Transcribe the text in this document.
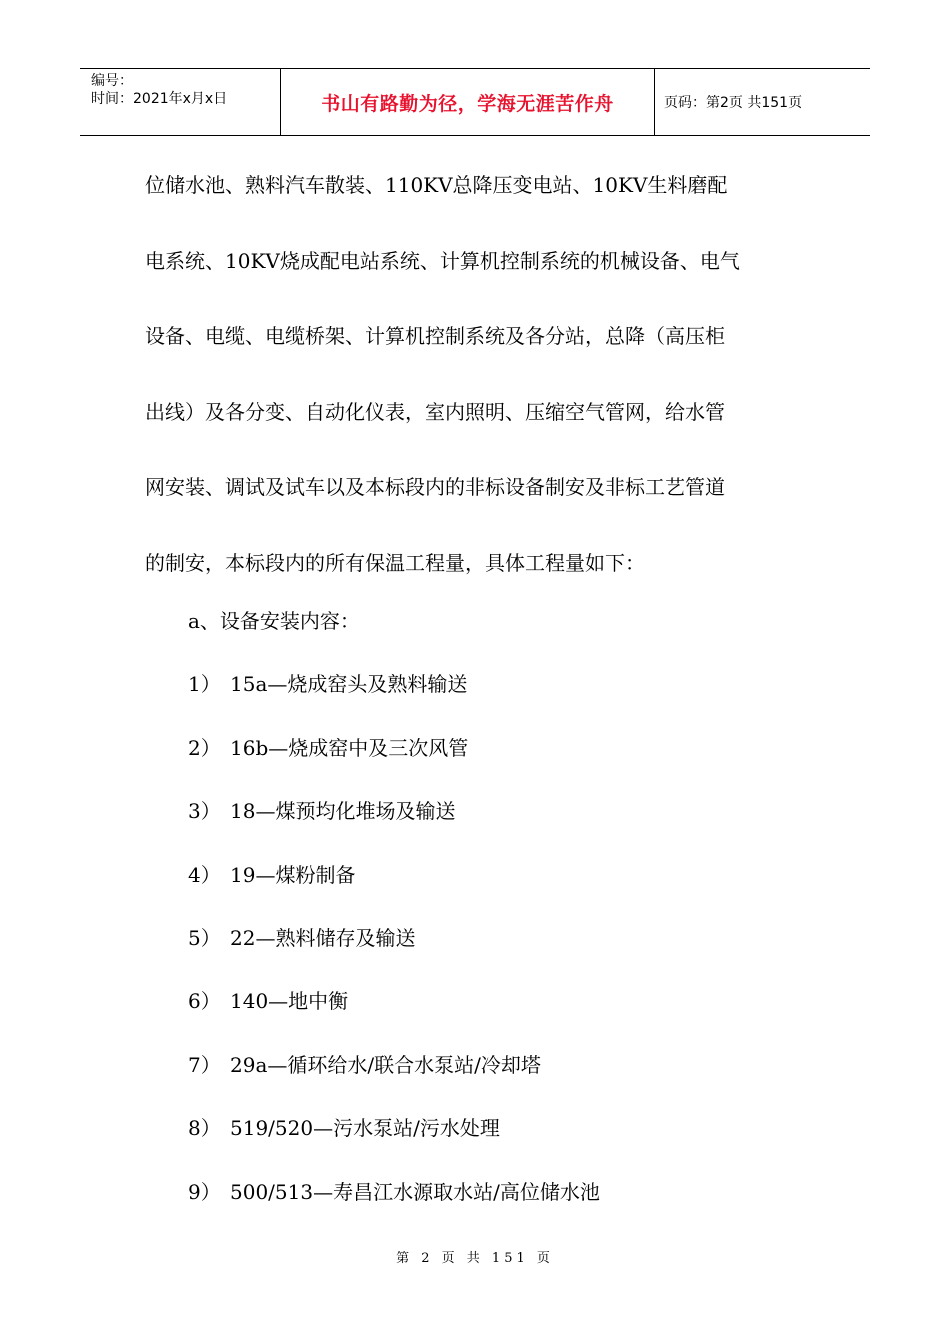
编号：
时间：2021年x月x日	书山有路勤为径，学海无涯苦作舟	页码：第2页 共151页
位储水池、熟料汽车散装、110KV总降压变电站、10KV生料磨配
电系统、10KV烧成配电站系统、计算机控制系统的机械设备、电气
设备、电缆、电缆桥架、计算机控制系统及各分站，总降（高压柜
出线）及各分变、自动化仪表，室内照明、压缩空气管网，给水管
网安装、调试及试车以及本标段内的非标设备制安及非标工艺管道
的制安，本标段内的所有保温工程量，具体工程量如下：
a、设备安装内容：
1） 15a—烧成窑头及熟料输送
2） 16b—烧成窑中及三次风管
3） 18—煤预均化堆场及输送
4） 19—煤粉制备
5） 22—熟料储存及输送
6） 140—地中衡
7） 29a—循环给水/联合水泵站/冷却塔
8） 519/520—污水泵站/污水处理
9） 500/513—寿昌江水源取水站/高位储水池
第 2 页 共 151 页
